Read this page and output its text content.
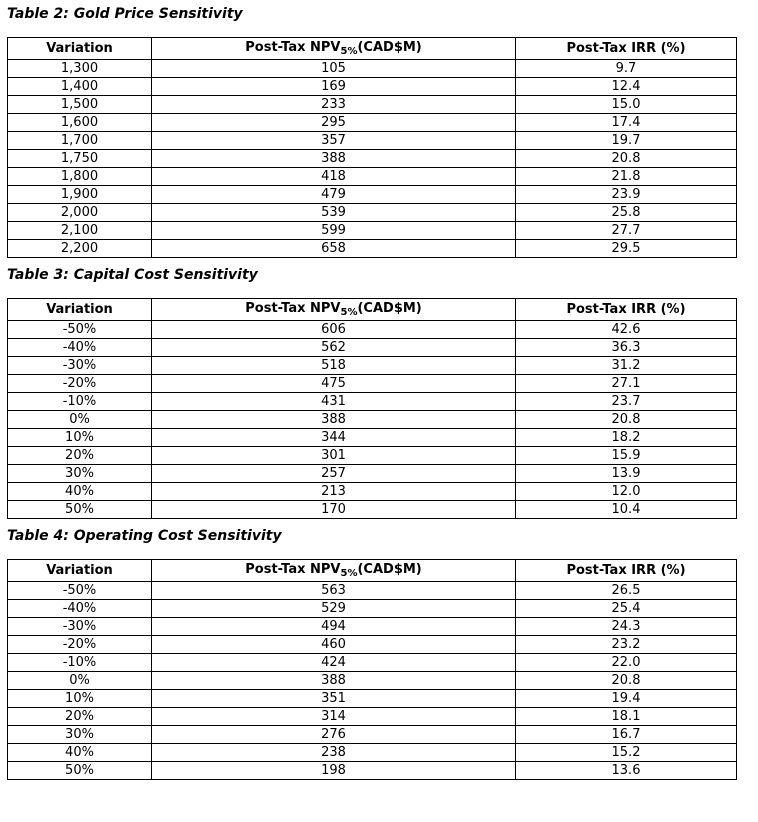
Table 2: Gold Price Sensitivity
Variation	Post-Tax $NPV_{5\%}(CAD\$M)$	Post-Tax IRR (%)
1,300	105	9.7
1,400	169	12.4
1,500	233	15.0
1,600	295	17.4
1,700	357	19.7
1,750	388	20.8
1,800	418	21.8
1,900	479	23.9
2,000	539	25.8
2,100	599	27.7
2,200	658	29.5
Table 3: Capital Cost Sensitivity
Variation	Post-Tax $NPV_{5\%}(CAD\$M)$	Post-Tax IRR (%)
-50%	606	42.6
-40%	562	36.3
-30%	518	31.2
-20%	475	27.1
-10%	431	23.7
0%	388	20.8
10%	344	18.2
20%	301	15.9
30%	257	13.9
40%	213	12.0
50%	170	10.4
Table 4: Operating Cost Sensitivity
Variation	Post-Tax $NPV_{5\%}(CAD\$M)$	Post-Tax IRR (%)
-50%	563	26.5
-40%	529	25.4
-30%	494	24.3
-20%	460	23.2
-10%	424	22.0
0%	388	20.8
10%	351	19.4
20%	314	18.1
30%	276	16.7
40%	238	15.2
50%	198	13.6
